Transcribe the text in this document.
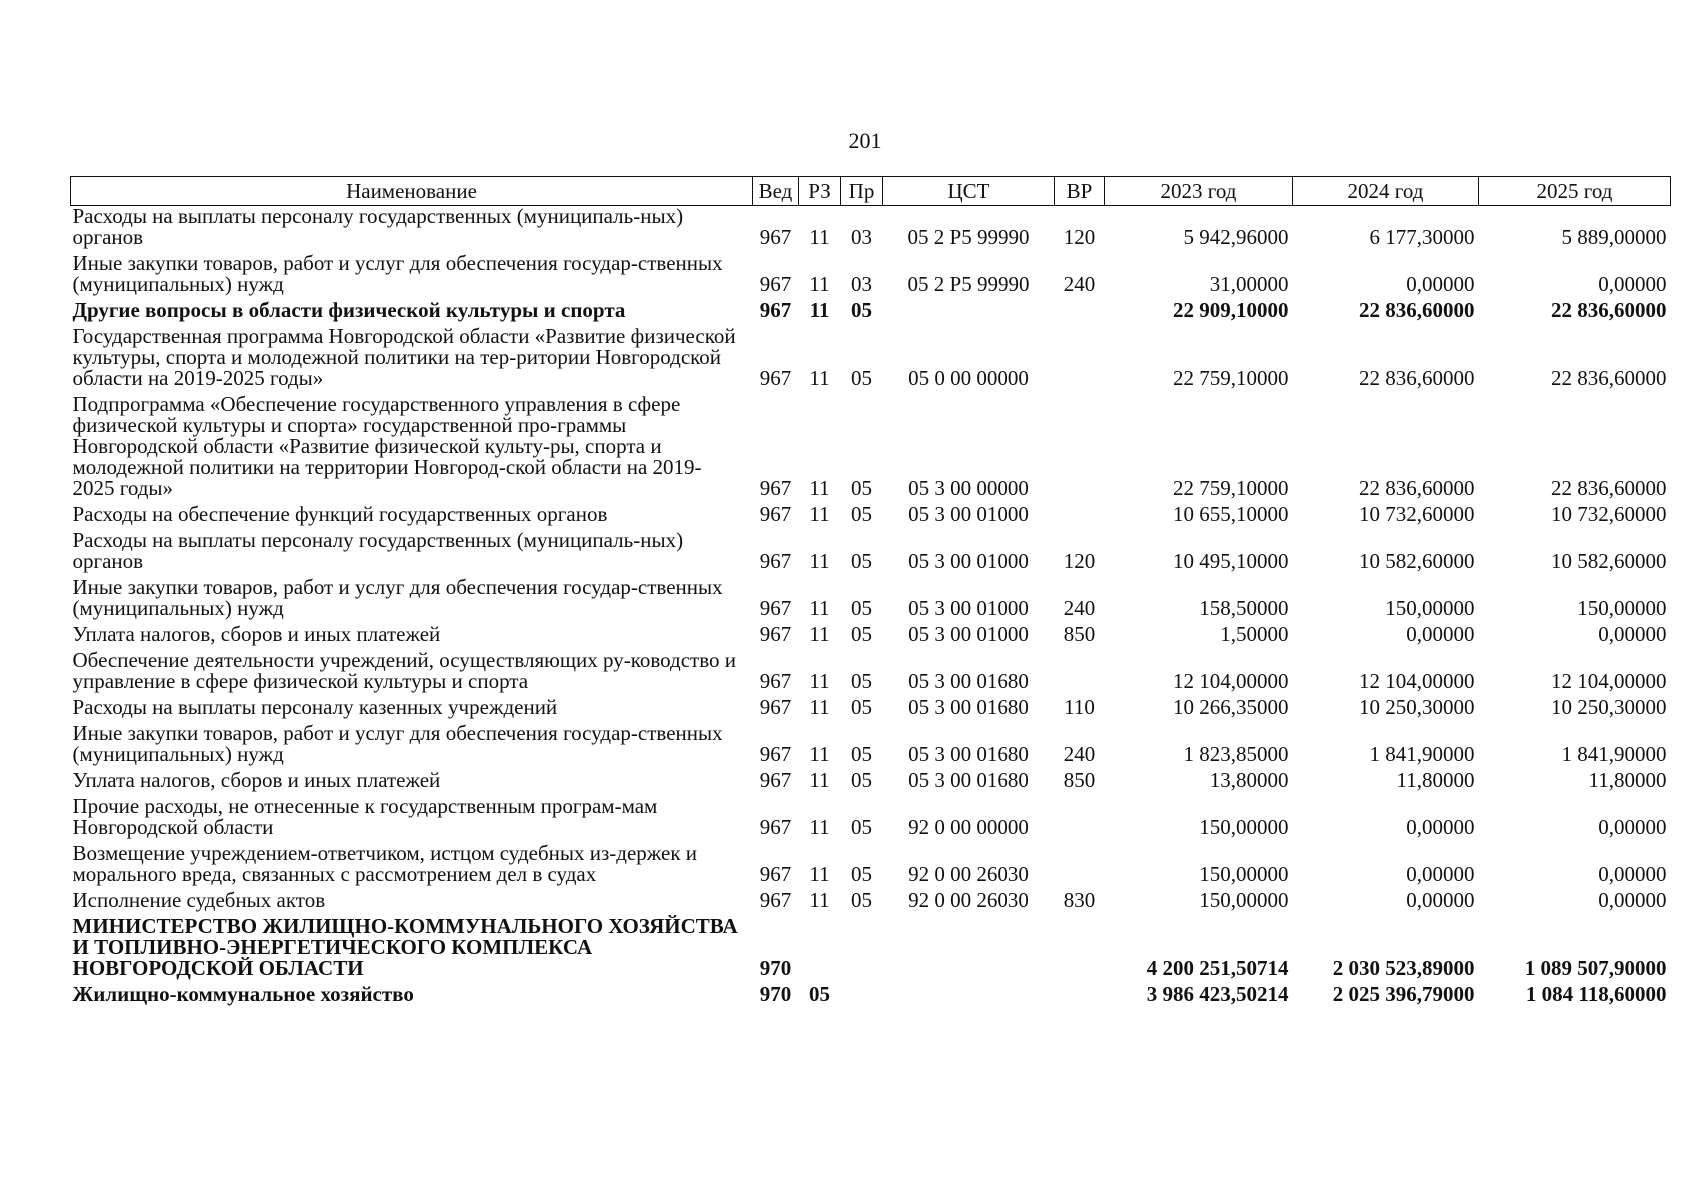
201
Наименование	Вед	РЗ	Пр	ЦСТ	ВР	2023 год	2024 год	2025 год
Расходы на выплаты персоналу государственных (муниципаль-ных) органов	967	11	03	05 2 Р5 99990	120	5 942,96000	6 177,30000	5 889,00000
Иные закупки товаров, работ и услуг для обеспечения государ-ственных (муниципальных) нужд	967	11	03	05 2 Р5 99990	240	31,00000	0,00000	0,00000
Другие вопросы в области физической культуры и спорта	967	11	05			22 909,10000	22 836,60000	22 836,60000
Государственная программа Новгородской области «Развитие физической культуры, спорта и молодежной политики на тер-ритории Новгородской области на 2019-2025 годы»	967	11	05	05 0 00 00000		22 759,10000	22 836,60000	22 836,60000
Подпрограмма «Обеспечение государственного управления в сфере физической культуры и спорта» государственной про-граммы Новгородской области «Развитие физической культу-ры, спорта и молодежной политики на территории Новгород-ской области на 2019-2025 годы»	967	11	05	05 3 00 00000		22 759,10000	22 836,60000	22 836,60000
Расходы на обеспечение функций государственных органов	967	11	05	05 3 00 01000		10 655,10000	10 732,60000	10 732,60000
Расходы на выплаты персоналу государственных (муниципаль-ных) органов	967	11	05	05 3 00 01000	120	10 495,10000	10 582,60000	10 582,60000
Иные закупки товаров, работ и услуг для обеспечения государ-ственных (муниципальных) нужд	967	11	05	05 3 00 01000	240	158,50000	150,00000	150,00000
Уплата налогов, сборов и иных платежей	967	11	05	05 3 00 01000	850	1,50000	0,00000	0,00000
Обеспечение деятельности учреждений, осуществляющих ру-ководство и управление в сфере физической культуры и спорта	967	11	05	05 3 00 01680		12 104,00000	12 104,00000	12 104,00000
Расходы на выплаты персоналу казенных учреждений	967	11	05	05 3 00 01680	110	10 266,35000	10 250,30000	10 250,30000
Иные закупки товаров, работ и услуг для обеспечения государ-ственных (муниципальных) нужд	967	11	05	05 3 00 01680	240	1 823,85000	1 841,90000	1 841,90000
Уплата налогов, сборов и иных платежей	967	11	05	05 3 00 01680	850	13,80000	11,80000	11,80000
Прочие расходы, не отнесенные к государственным програм-мам Новгородской области	967	11	05	92 0 00 00000		150,00000	0,00000	0,00000
Возмещение учреждением-ответчиком, истцом судебных из-держек и морального вреда, связанных с рассмотрением дел в судах	967	11	05	92 0 00 26030		150,00000	0,00000	0,00000
Исполнение судебных актов	967	11	05	92 0 00 26030	830	150,00000	0,00000	0,00000
МИНИСТЕРСТВО ЖИЛИЩНО-КОММУНАЛЬНОГО ХОЗЯЙСТВА И ТОПЛИВНО-ЭНЕРГЕТИЧЕСКОГО КОМПЛЕКСА НОВГОРОДСКОЙ ОБЛАСТИ	970					4 200 251,50714	2 030 523,89000	1 089 507,90000
Жилищно-коммунальное хозяйство	970	05				3 986 423,50214	2 025 396,79000	1 084 118,60000
